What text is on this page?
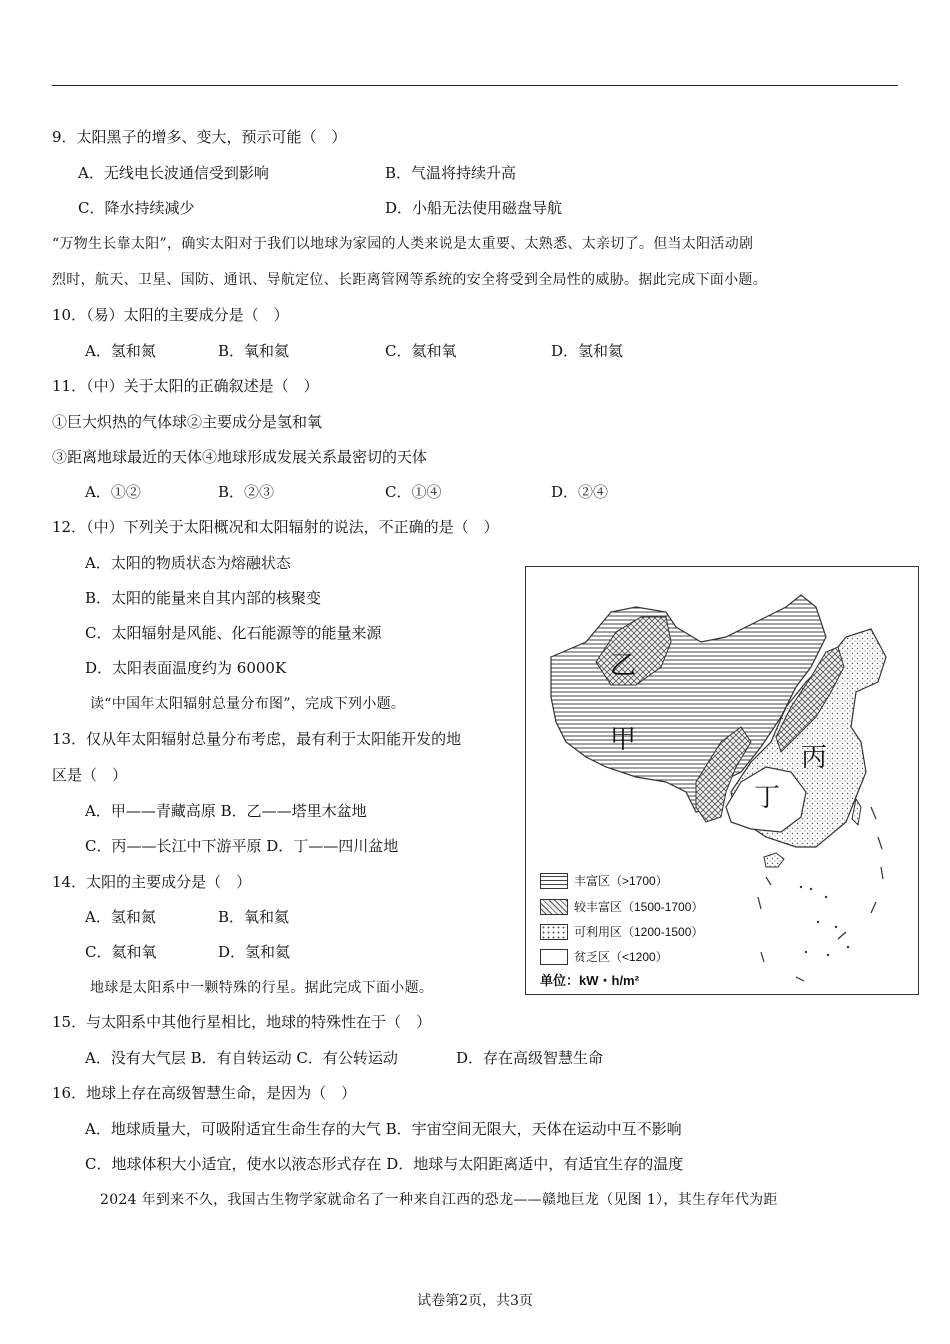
9．太阳黑子的增多、变大，预示可能（　）
A．无线电长波通信受到影响	B．气温将持续升高
C．降水持续减少	D．小船无法使用磁盘导航
“万物生长靠太阳”，确实太阳对于我们以地球为家园的人类来说是太重要、太熟悉、太亲切了。但当太阳活动剧
烈时，航天、卫星、国防、通讯、导航定位、长距离管网等系统的安全将受到全局性的威胁。据此完成下面小题。
10．（易）太阳的主要成分是（　）
A．氢和氮	B．氧和氦	C．氦和氧	D．氢和氦
11．（中）关于太阳的正确叙述是（　）
①巨大炽热的气体球②主要成分是氢和氧
③距离地球最近的天体④地球形成发展关系最密切的天体
A．①②	B．②③	C．①④	D．②④
12．（中）下列关于太阳概况和太阳辐射的说法，不正确的是（　）
A．太阳的物质状态为熔融状态
B．太阳的能量来自其内部的核聚变
C．太阳辐射是风能、化石能源等的能量来源
D．太阳表面温度约为 6000K
读“中国年太阳辐射总量分布图”，完成下列小题。
13．仅从年太阳辐射总量分布考虑，最有利于太阳能开发的地
区是（　）
A．甲——青藏高原 B．乙——塔里木盆地
C．丙——长江中下游平原 D．丁——四川盆地
14．太阳的主要成分是（　）
A．氢和氮	B．氧和氦
C．氦和氧	D．氢和氦
地球是太阳系中一颗特殊的行星。据此完成下面小题。
15．与太阳系中其他行星相比，地球的特殊性在于（　）
A．没有大气层 B．有自转运动 C．有公转运动	D．存在高级智慧生命
16．地球上存在高级智慧生命，是因为（　）
A．地球质量大，可吸附适宜生命生存的大气 B．宇宙空间无限大，天体在运动中互不影响
C．地球体积大小适宜，使水以液态形式存在 D．地球与太阳距离适中，有适宜生存的温度
2024 年到来不久，我国古生物学家就命名了一种来自江西的恐龙——赣地巨龙（见图 1），其生存年代为距
乙
甲
丙
丁
丰富区（>1700）
较丰富区（1500-1700）
可利用区（1200-1500）
贫乏区（<1200）
单位：kW・h/m²
试卷第2页，共3页
